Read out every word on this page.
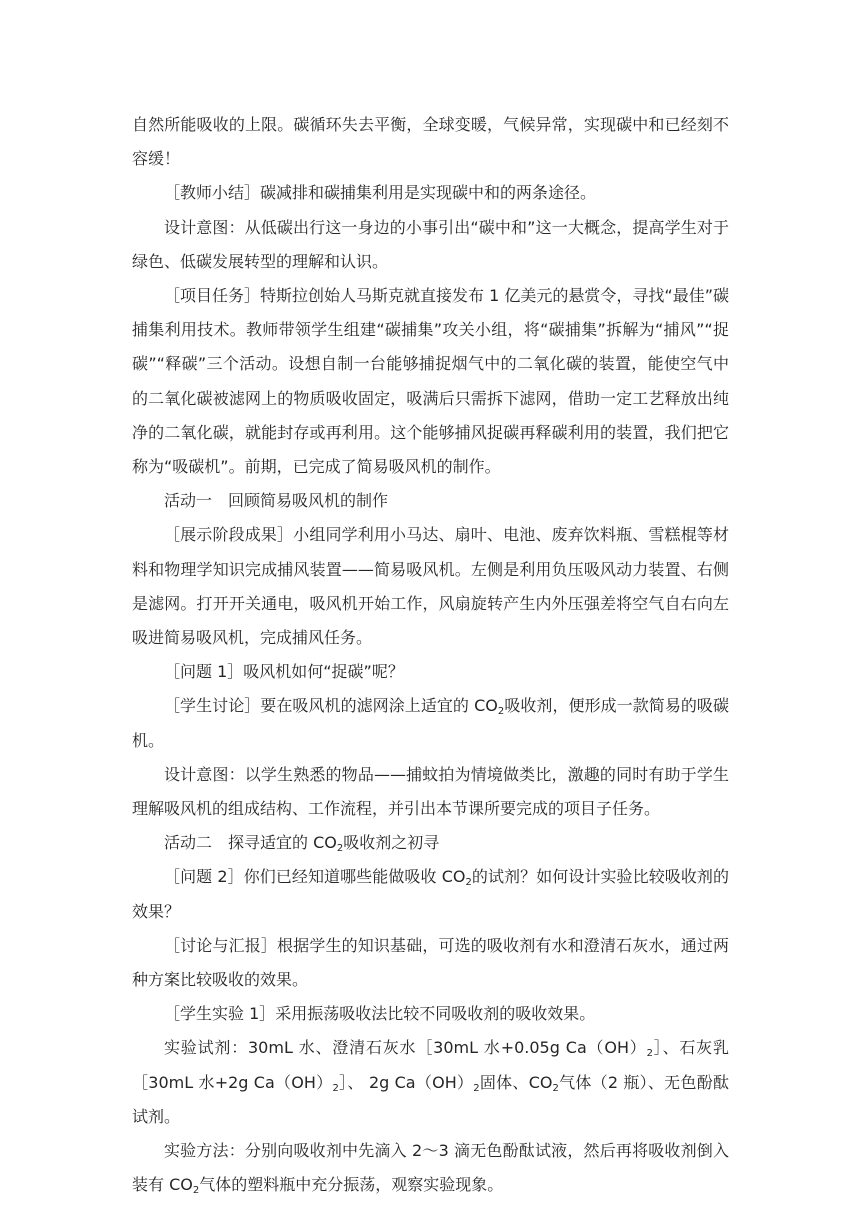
自然所能吸收的上限。碳循环失去平衡，全球变暖，气候异常，实现碳中和已经刻不容缓！

［教师小结］碳减排和碳捕集利用是实现碳中和的两条途径。

设计意图：从低碳出行这一身边的小事引出“碳中和”这一大概念，提高学生对于绿色、低碳发展转型的理解和认识。

［项目任务］特斯拉创始人马斯克就直接发布 1 亿美元的悬赏令，寻找“最佳”碳捕集利用技术。教师带领学生组建“碳捕集”攻关小组，将“碳捕集”拆解为“捕风”“捉碳”“释碳”三个活动。设想自制一台能够捕捉烟气中的二氧化碳的装置，能使空气中的二氧化碳被滤网上的物质吸收固定，吸满后只需拆下滤网，借助一定工艺释放出纯净的二氧化碳，就能封存或再利用。这个能够捕风捉碳再释碳利用的装置，我们把它称为“吸碳机”。前期，已完成了简易吸风机的制作。

活动一　回顾简易吸风机的制作

［展示阶段成果］小组同学利用小马达、扇叶、电池、废弃饮料瓶、雪糕棍等材料和物理学知识完成捕风装置——简易吸风机。左侧是利用负压吸风动力装置、右侧是滤网。打开开关通电，吸风机开始工作，风扇旋转产生内外压强差将空气自右向左吸进简易吸风机，完成捕风任务。

［问题 1］吸风机如何“捉碳”呢？

［学生讨论］要在吸风机的滤网涂上适宜的 $CO_2$吸收剂，便形成一款简易的吸碳机。

设计意图：以学生熟悉的物品——捕蚊拍为情境做类比，激趣的同时有助于学生理解吸风机的组成结构、工作流程，并引出本节课所要完成的项目子任务。

活动二　探寻适宜的 $CO_2$吸收剂之初寻

［问题 2］你们已经知道哪些能做吸收 $CO_2$的试剂？如何设计实验比较吸收剂的效果？

［讨论与汇报］根据学生的知识基础，可选的吸收剂有水和澄清石灰水，通过两种方案比较吸收的效果。

［学生实验 1］采用振荡吸收法比较不同吸收剂的吸收效果。

实验试剂：30mL 水、澄清石灰水［30mL 水+0.05g $Ca(OH)_2]$、石灰乳［30mL 水+2g $Ca(OH)_2]$、 2g $Ca(OH)_2$固体、$CO_2$气体（2 瓶）、无色酚酞试剂。

实验方法：分别向吸收剂中先滴入 2～3 滴无色酚酞试液，然后再将吸收剂倒入装有 $CO_2$气体的塑料瓶中充分振荡，观察实验现象。
